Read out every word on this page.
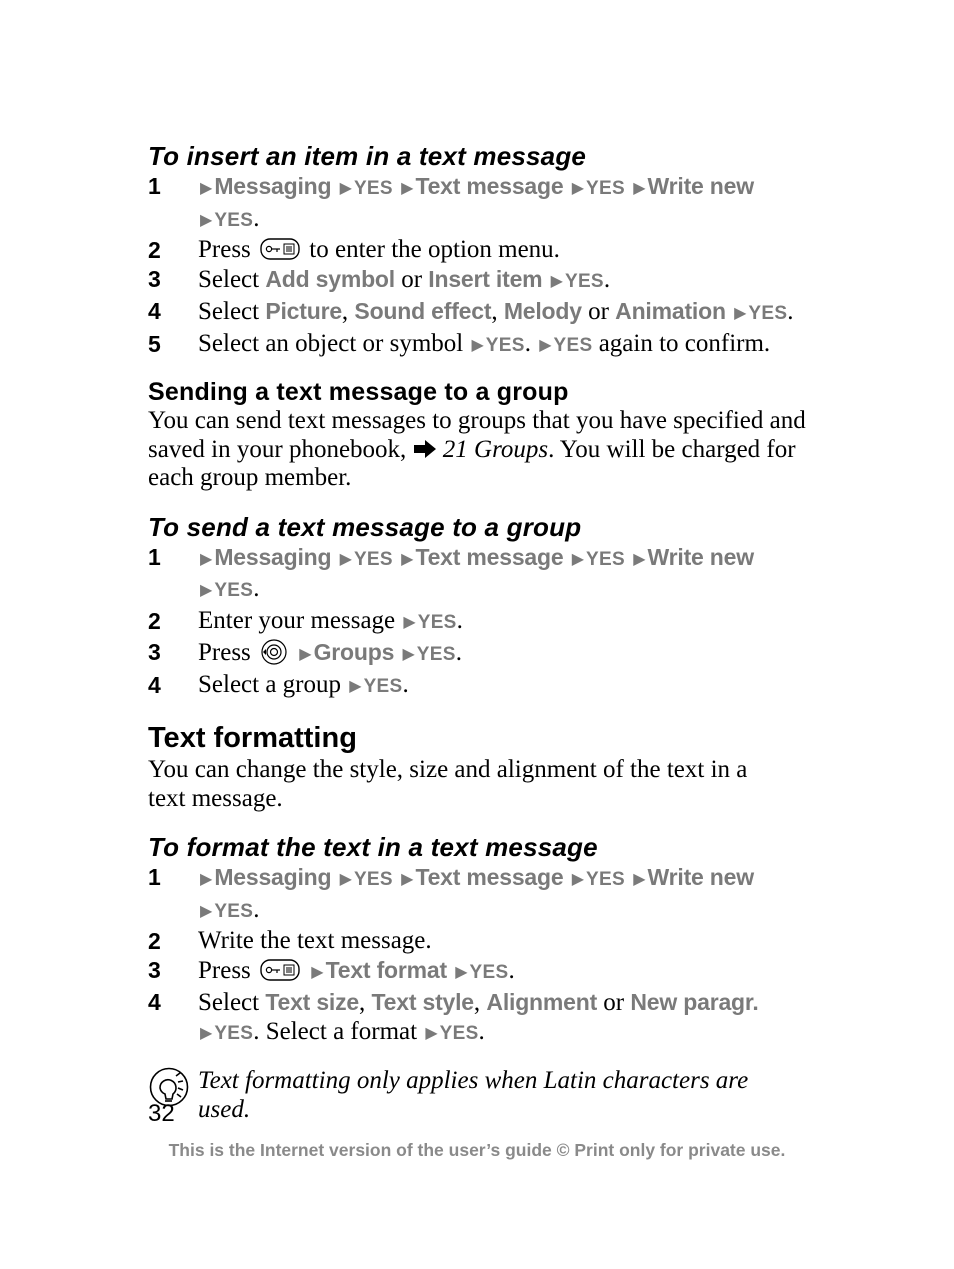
To insert an item in a text message
1	▶Messaging ▶ YES ▶Text message ▶ YES ▶Write new
▶ YES.
2	Press to enter the option menu.
3	Select Add symbol or Insert item ▶ YES.
4	Select Picture, Sound effect, Melody or Animation ▶ YES.
5	Select an object or symbol ▶ YES. ▶ YES again to confirm.
Sending a text message to a group

You can send text messages to groups that you have specified and saved in your phonebook, 21 Groups. You will be charged for each group member.

To send a text message to a group
1	▶Messaging ▶ YES ▶Text message ▶ YES ▶Write new
▶ YES.
2	Enter your message ▶ YES.
3	Press	▶Groups ▶ YES.
4	Select a group ▶ YES.
Text formatting

You can change the style, size and alignment of the text in a text message.

To format the text in a text message
1	▶Messaging ▶ YES ▶Text message ▶ YES ▶Write new
▶ YES.
2	Write the text message.
3	Press	▶Text format ▶ YES.
4	Select Text size, Text style, Alignment or New paragr.
▶ YES. Select a format ▶ YES.
Text formatting only applies when Latin characters are used.
32
This is the Internet version of the user’s guide © Print only for private use.
